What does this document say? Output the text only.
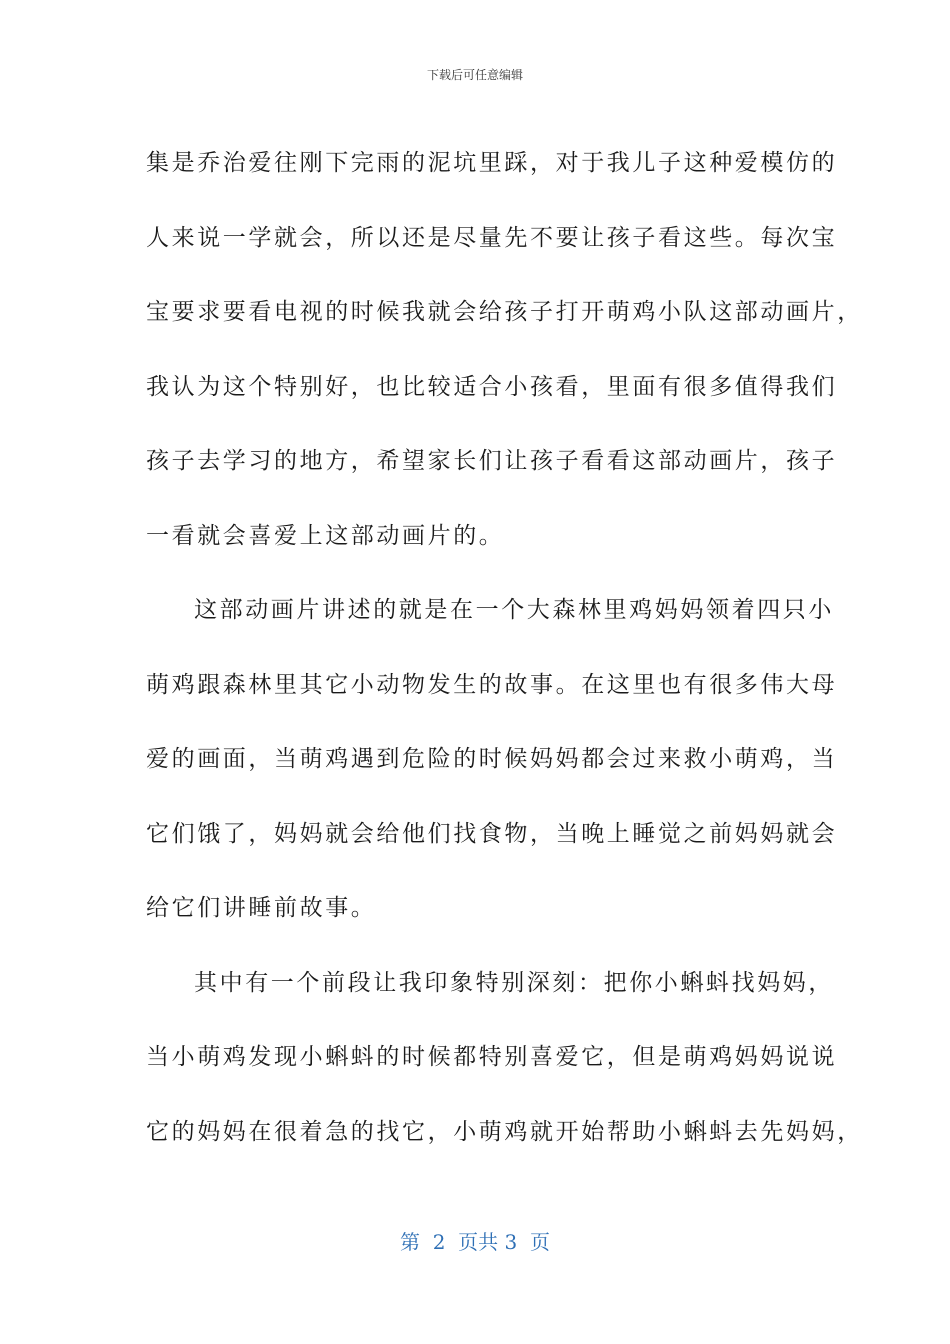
下载后可任意编辑
集是乔治爱往刚下完雨的泥坑里踩，对于我儿子这种爱模仿的
人来说一学就会，所以还是尽量先不要让孩子看这些。每次宝
宝要求要看电视的时候我就会给孩子打开萌鸡小队这部动画片，
我认为这个特别好，也比较适合小孩看，里面有很多值得我们
孩子去学习的地方，希望家长们让孩子看看这部动画片，孩子
一看就会喜爱上这部动画片的。
这部动画片讲述的就是在一个大森林里鸡妈妈领着四只小
萌鸡跟森林里其它小动物发生的故事。在这里也有很多伟大母
爱的画面，当萌鸡遇到危险的时候妈妈都会过来救小萌鸡，当
它们饿了，妈妈就会给他们找食物，当晚上睡觉之前妈妈就会
给它们讲睡前故事。
其中有一个前段让我印象特别深刻：把你小蝌蚪找妈妈，
当小萌鸡发现小蝌蚪的时候都特别喜爱它，但是萌鸡妈妈说说
它的妈妈在很着急的找它，小萌鸡就开始帮助小蝌蚪去先妈妈，
第  2  页共 3  页
